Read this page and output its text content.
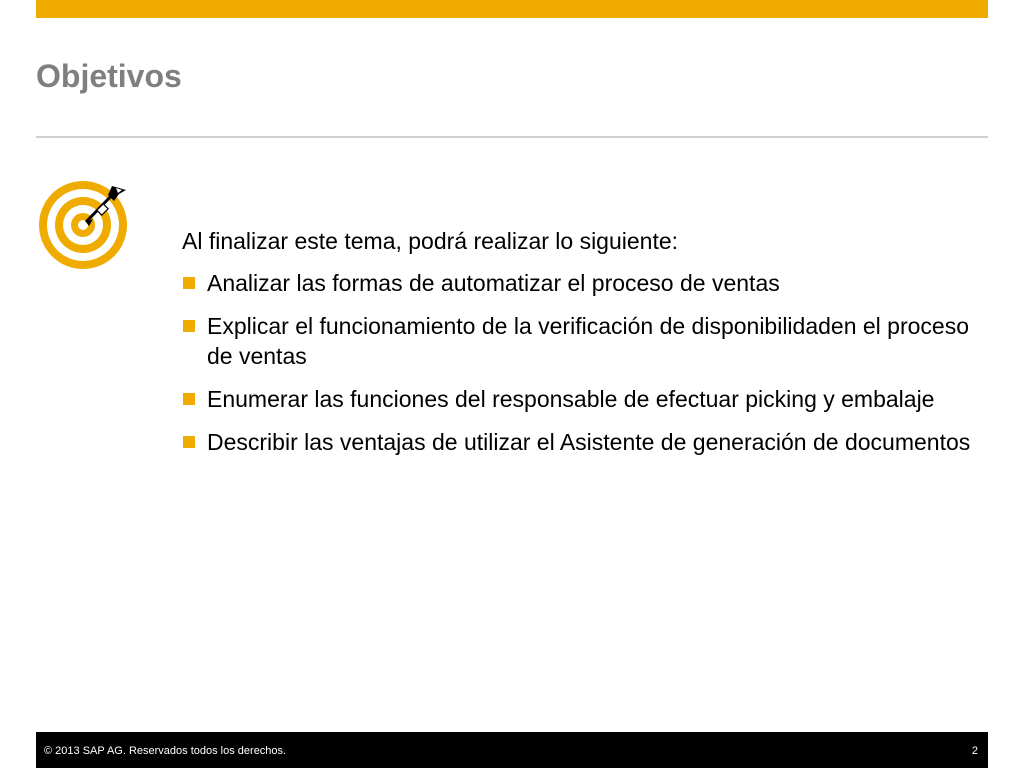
Objetivos

Al finalizar este tema, podrá realizar lo siguiente:

Analizar las formas de automatizar el proceso de ventas
Explicar el funcionamiento de la verificación de disponibilidaden el proceso de ventas
Enumerar las funciones del responsable de efectuar picking y embalaje
Describir las ventajas de utilizar el Asistente de generación de documentos
© 2013 SAP AG. Reservados todos los derechos.	2
